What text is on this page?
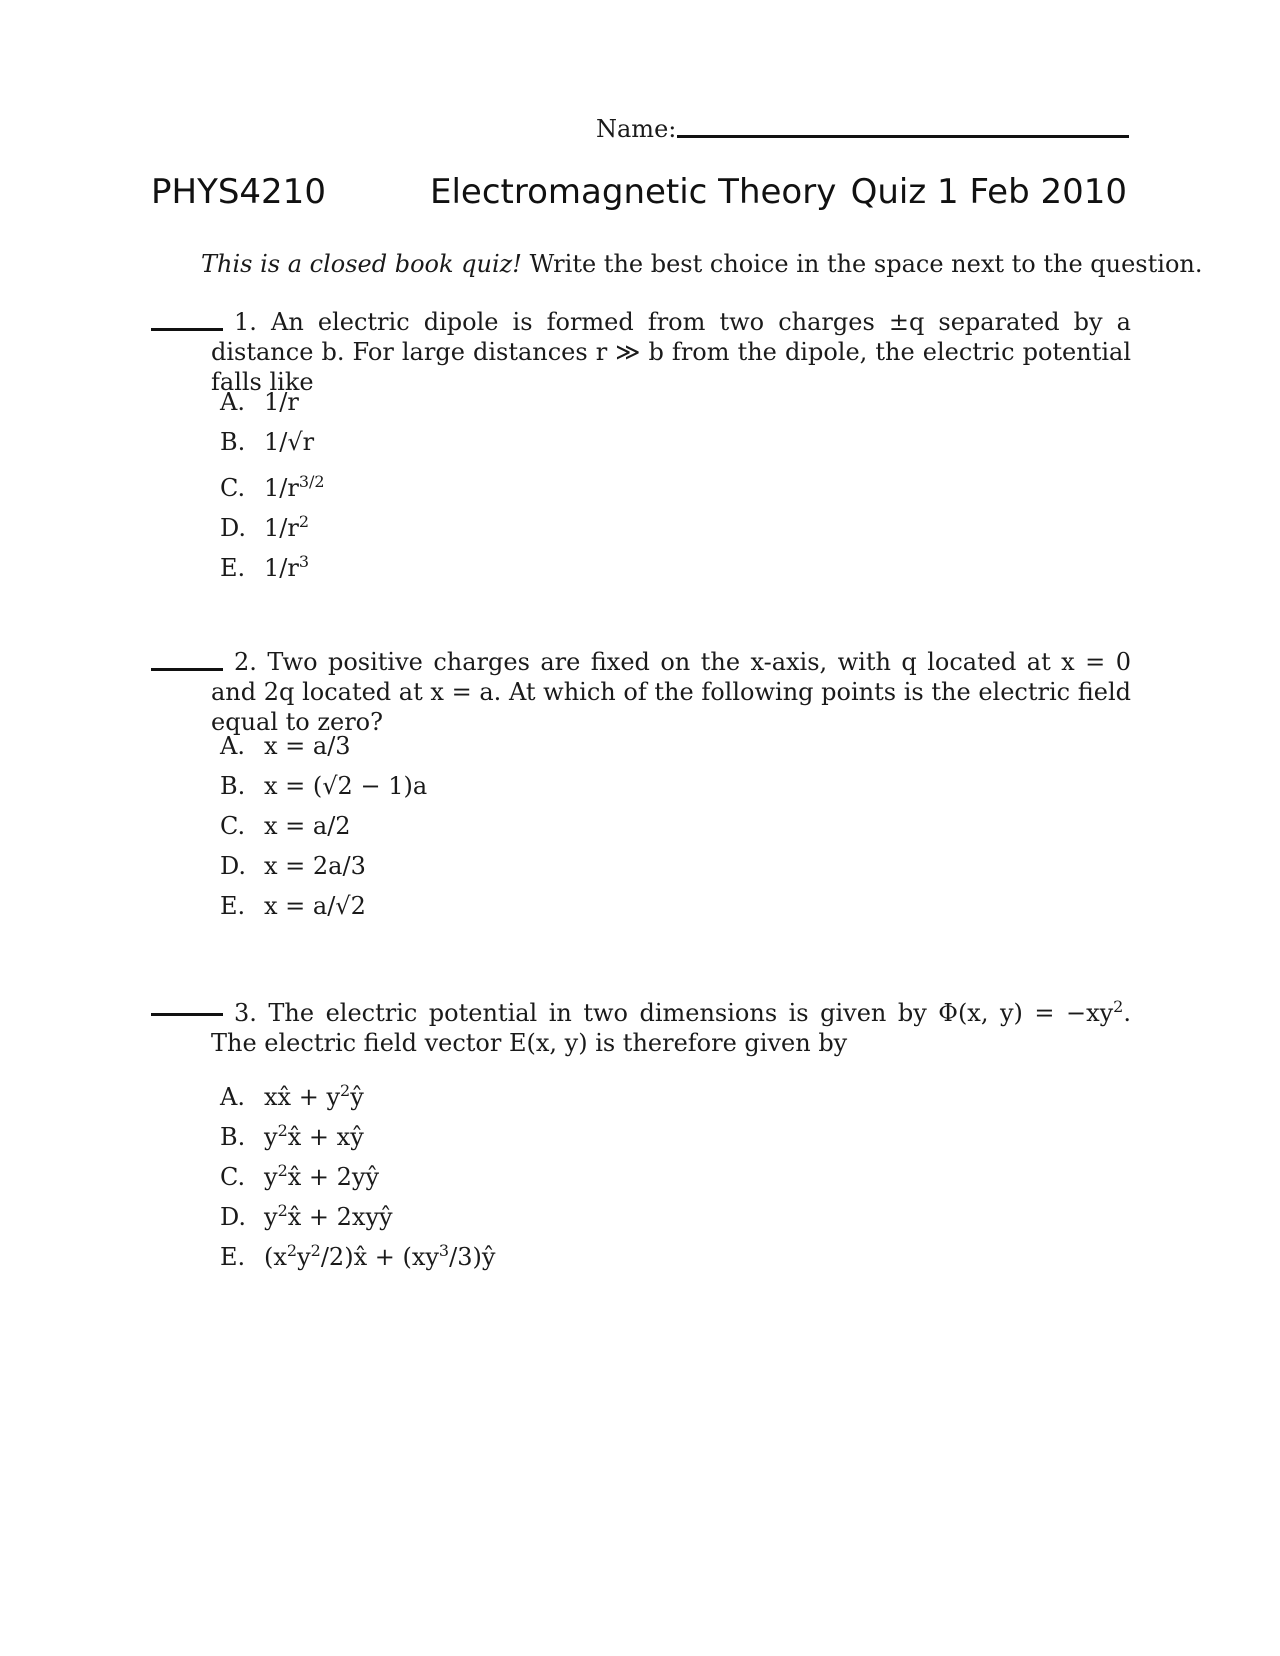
Name:
PHYS4210	Electromagnetic Theory Quiz 1 Feb 2010
This is a closed book quiz! Write the best choice in the space next to the question.
1. An electric dipole is formed from two charges ±q separated by a distance b. For large distances r ≫ b from the dipole, the electric potential falls like
A. 1/r
B. 1/√r
C. $1/r^{3/2}$
D. $1/r^2$
E. $1/r^3$
2. Two positive charges are fixed on the x-axis, with q located at x = 0 and 2q located at x = a. At which of the following points is the electric field equal to zero?
A. x = a/3
B. x = (√2 − 1)a
C. x = a/2
D. x = 2a/3
E. x = a/√2
3. The electric potential in two dimensions is given by Φ(x, $y) = -xy^2$. The electric field vector E(x, y) is therefore given by
A. xx̂ + $y^2ŷ$
B. $y^2x̂$ + xŷ
C. $y^2x̂$ + 2yŷ
D. $y^2x̂$ + 2xyŷ
E. $(x^2y^2/2)x̂$ + $(xy^3/3)ŷ$
